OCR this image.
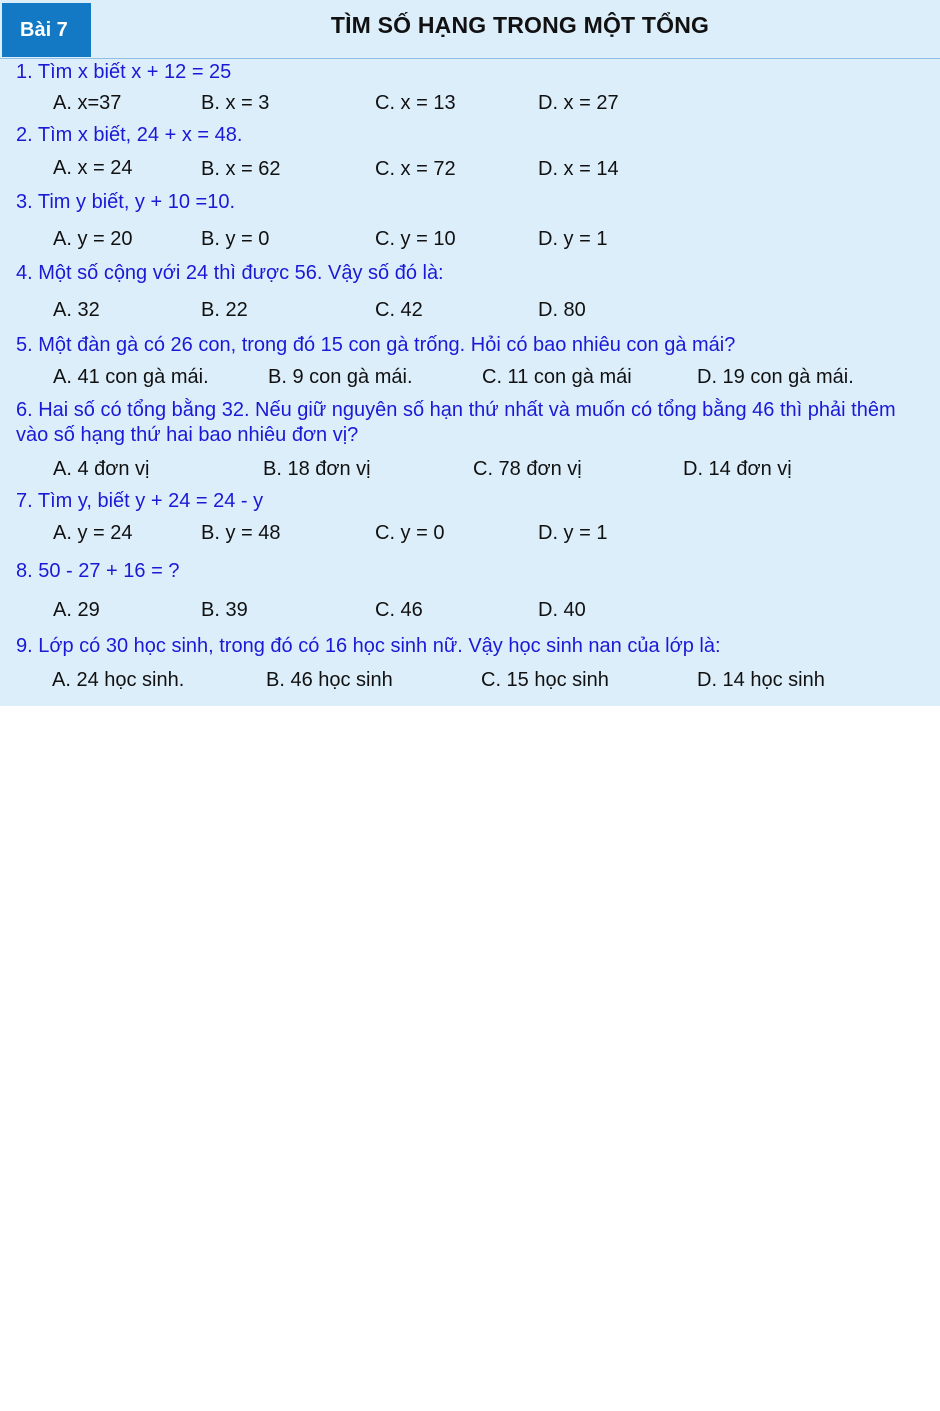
Bài 7	TÌM SỐ HẠNG TRONG MỘT TỔNG
1. Tìm x biết x + 12 = 25
A. x=37	B. x = 3	C. x = 13	D. x = 27
2. Tìm x biết, 24 + x = 48.
A. x = 24	B. x = 62	C. x = 72	D. x = 14
3. Tim y biết, y + 10 =10.
A. y = 20	B. y = 0	C. y = 10	D. y = 1
4. Một số cộng với 24 thì được 56. Vậy số đó là:
A. 32	B. 22	C. 42	D. 80
5. Một đàn gà có 26 con, trong đó 15 con gà trống. Hỏi có bao nhiêu con gà mái?
A. 41 con gà mái.	B. 9 con gà mái.	C. 11 con gà mái	D. 19 con gà mái.
6. Hai số có tổng bằng 32. Nếu giữ nguyên số hạn thứ nhất và muốn có tổng bằng 46 thì phải thêm vào số hạng thứ hai bao nhiêu đơn vị?
A. 4 đơn vị	B. 18 đơn vị	C. 78 đơn vị	D. 14 đơn vị
7. Tìm y, biết y + 24 = 24 - y
A. y = 24	B. y = 48	C. y = 0	D. y = 1
8. 50 - 27 + 16 = ?
A. 29	B. 39	C. 46	D. 40
9. Lớp có 30 học sinh, trong đó có 16 học sinh nữ. Vậy học sinh nan của lớp là:
A. 24 học sinh.	B. 46 học sinh	C. 15 học sinh	D. 14 học sinh
